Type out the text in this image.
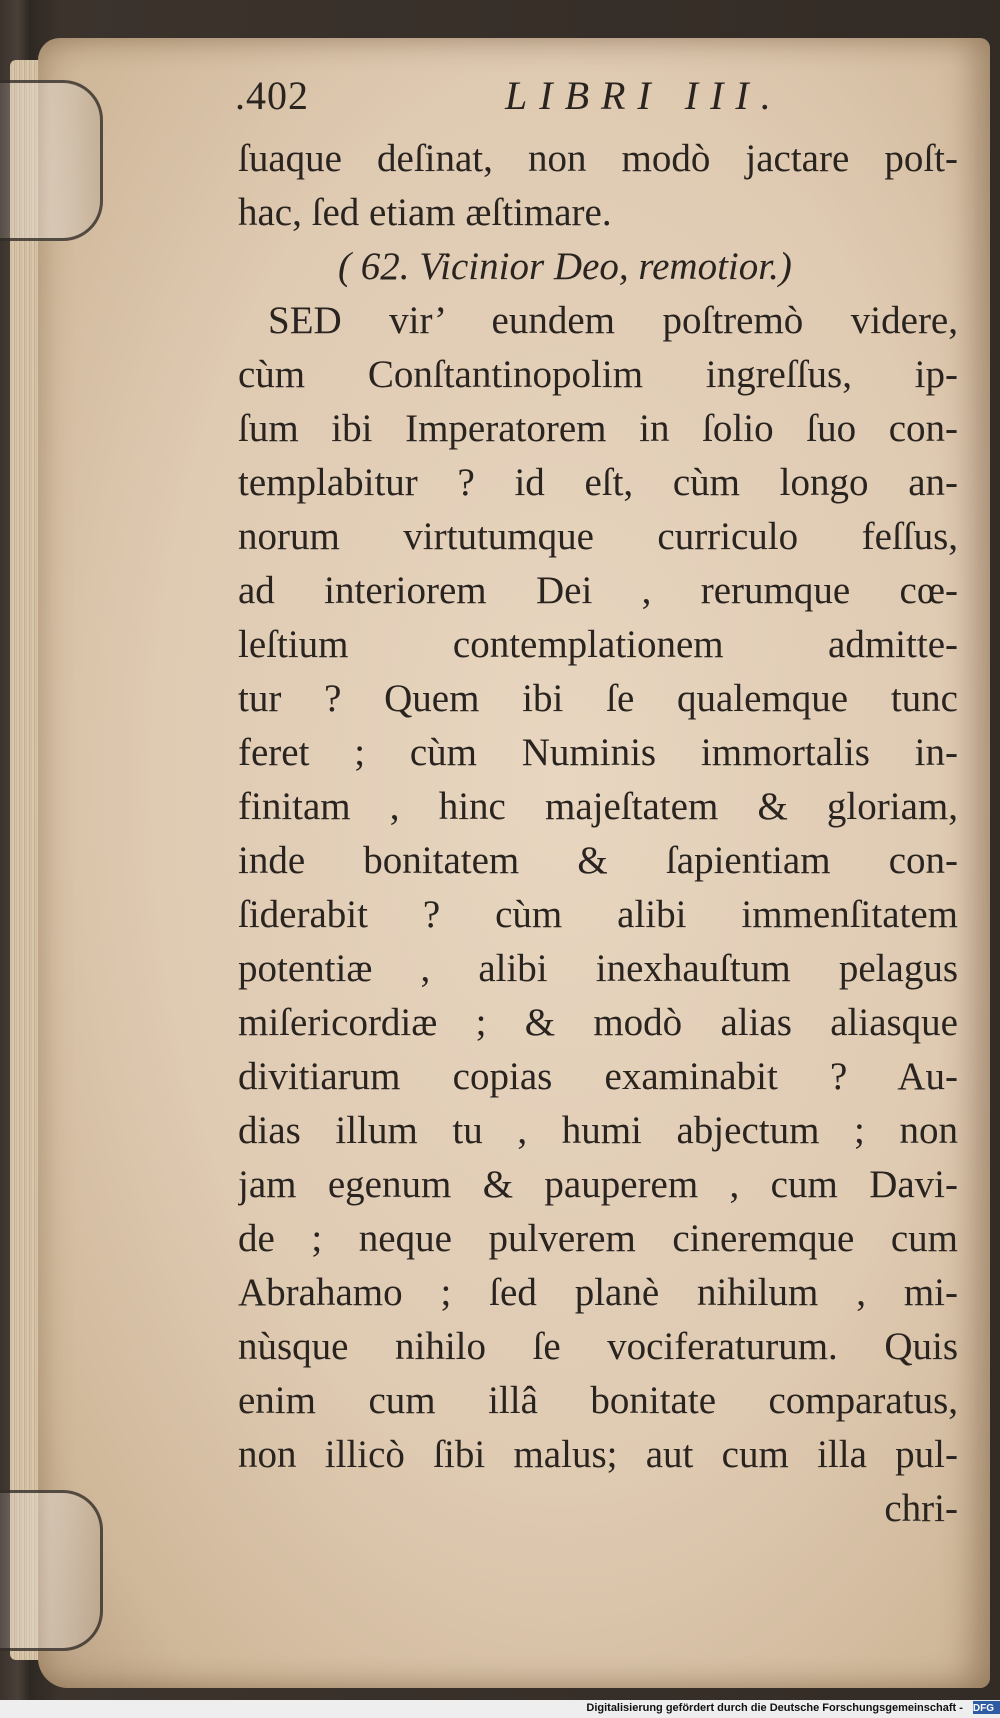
.402	LIBRI III.
ſuaque deſinat, non modò jactare poſt-
hac, ſed etiam æſtimare.
( 62. Vicinior Deo, remotior.)
SED vir’ eundem poſtremò videre,
cùm Conſtantinopolim ingreſſus, ip-
ſum ibi Imperatorem in ſolio ſuo con-
templabitur ? id eſt, cùm longo an-
norum virtutumque curriculo feſſus,
ad interiorem Dei , rerumque cœ-
leſtium contemplationem admitte-
tur ? Quem ibi ſe qualemque tunc
feret ; cùm Numinis immortalis in-
finitam , hinc majeſtatem & gloriam,
inde bonitatem & ſapientiam con-
ſiderabit ? cùm alibi immenſitatem
potentiæ , alibi inexhauſtum pelagus
miſericordiæ ; & modò alias aliasque
divitiarum copias examinabit ? Au-
dias illum tu , humi abjectum ; non
jam egenum & pauperem , cum Davi-
de ; neque pulverem cineremque cum
Abrahamo ; ſed planè nihilum , mi-
nùsque nihilo ſe vociferaturum. Quis
enim cum illâ bonitate comparatus,
non illicò ſibi malus; aut cum illa pul-
chri-
Digitalisierung gefördert durch die Deutsche Forschungsgemeinschaft - DFG
